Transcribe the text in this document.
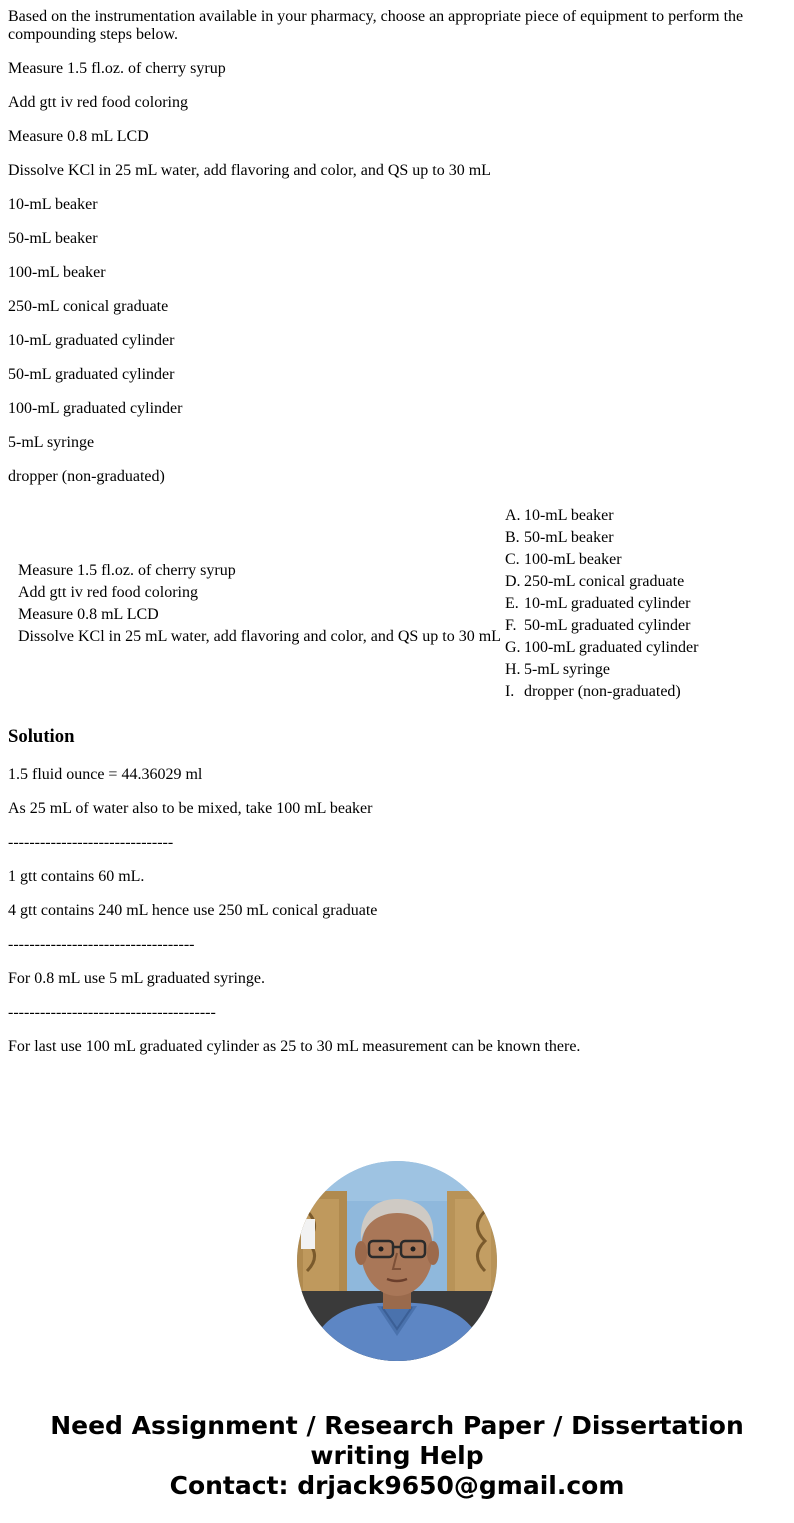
Based on the instrumentation available in your pharmacy, choose an appropriate piece of equipment to perform the compounding steps below.

Measure 1.5 fl.oz. of cherry syrup

Add gtt iv red food coloring

Measure 0.8 mL LCD

Dissolve KCl in 25 mL water, add flavoring and color, and QS up to 30 mL

10-mL beaker

50-mL beaker

100-mL beaker

250-mL conical graduate

10-mL graduated cylinder

50-mL graduated cylinder

100-mL graduated cylinder

5-mL syringe

dropper (non-graduated)

Measure 1.5 fl.oz. of cherry syrup
Add gtt iv red food coloring
Measure 0.8 mL LCD
Dissolve KCl in 25 mL water, add flavoring and color, and QS up to 30 mL

A. 10-mL beaker
B. 50-mL beaker
C. 100-mL beaker
D. 250-mL conical graduate
E. 10-mL graduated cylinder
F. 50-mL graduated cylinder
G. 100-mL graduated cylinder
H. 5-mL syringe
I. dropper (non-graduated)
Solution

1.5 fluid ounce = 44.36029 ml

As 25 mL of water also to be mixed, take 100 mL beaker

-------------------------------

1 gtt contains 60 mL.

4 gtt contains 240 mL hence use 250 mL conical graduate

-----------------------------------

For 0.8 mL use 5 mL graduated syringe.

---------------------------------------

For last use 100 mL graduated cylinder as 25 to 30 mL measurement can be known there.

Need Assignment / Research Paper / Dissertation writing Help
Contact: drjack9650@gmail.com
